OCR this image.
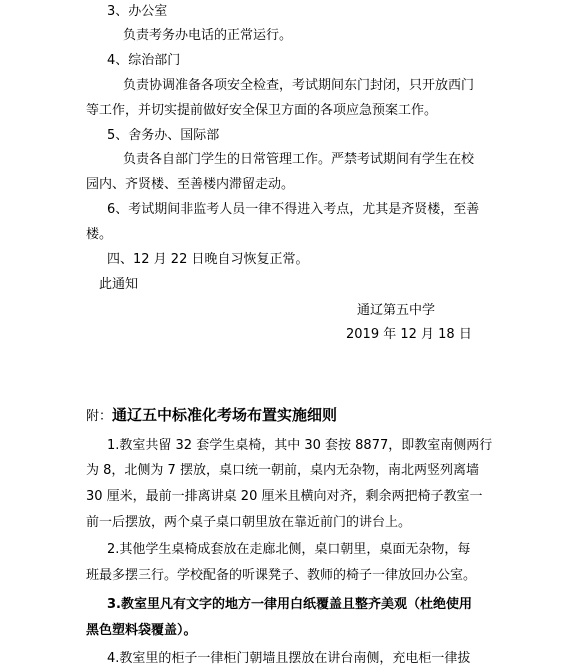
3、办公室
负责考务办电话的正常运行。
4、综治部门
负责协调准备各项安全检查，考试期间东门封闭，只开放西门
等工作，并切实提前做好安全保卫方面的各项应急预案工作。
5、舍务办、国际部
负责各自部门学生的日常管理工作。严禁考试期间有学生在校
园内、齐贤楼、至善楼内滞留走动。
6、考试期间非监考人员一律不得进入考点，尤其是齐贤楼，至善
楼。
四、12 月 22 日晚自习恢复正常。
此通知
通辽第五中学
2019 年 12 月 18 日
附：通辽五中标准化考场布置实施细则
1.教室共留 32 套学生桌椅，其中 30 套按 8877，即教室南侧两行
为 8，北侧为 7 摆放，桌口统一朝前，桌内无杂物，南北两竖列离墙
30 厘米，最前一排离讲桌 20 厘米且横向对齐，剩余两把椅子教室一
前一后摆放，两个桌子桌口朝里放在靠近前门的讲台上。
2.其他学生桌椅成套放在走廊北侧，桌口朝里，桌面无杂物，每
班最多摆三行。学校配备的听课凳子、教师的椅子一律放回办公室。
3.教室里凡有文字的地方一律用白纸覆盖且整齐美观（杜绝使用
黑色塑料袋覆盖）。
4.教室里的柜子一律柜门朝墙且摆放在讲台南侧，充电柜一律拔
